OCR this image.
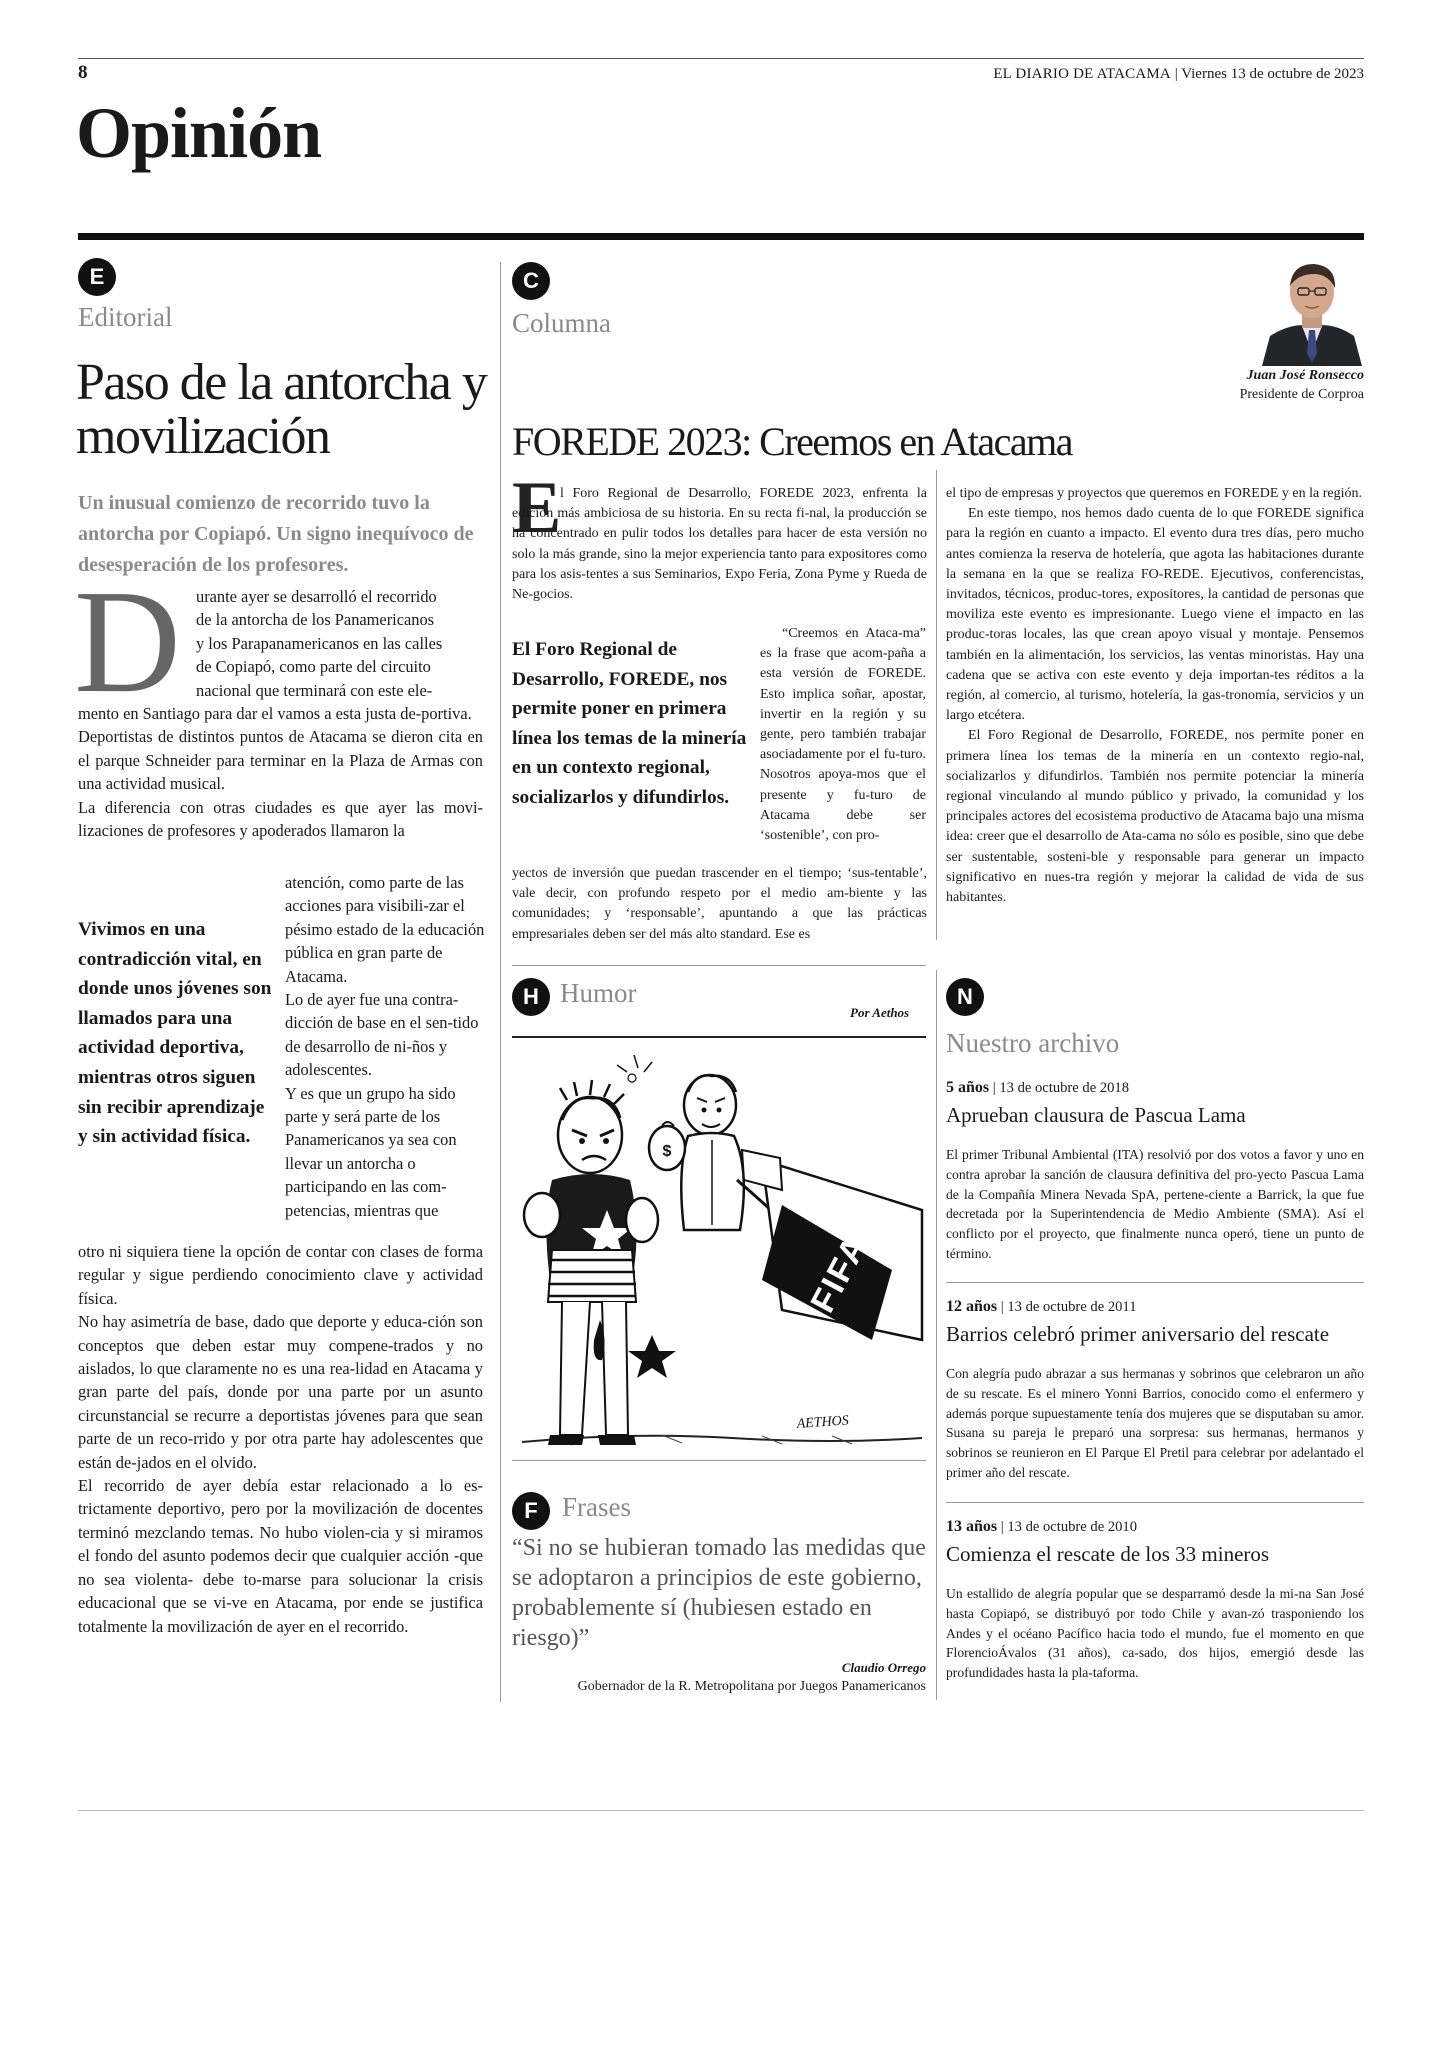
8	EL DIARIO DE ATACAMA | Viernes 13 de octubre de 2023
Opinión
E
Editorial
Paso de la antorcha y movilización
Un inusual comienzo de recorrido tuvo la antorcha por Copiapó. Un signo inequívoco de desesperación de los profesores.
D urante ayer se desarrolló el recorrido
de la antorcha de los Panamericanos
y los Parapanamericanos en las calles
de Copiapó, como parte del circuito
nacional que terminará con este ele-

mento en Santiago para dar el vamos a esta justa de-portiva.

Deportistas de distintos puntos de Atacama se dieron cita en el parque Schneider para terminar en la Plaza de Armas con una actividad musical.

La diferencia con otras ciudades es que ayer las movi-lizaciones de profesores y apoderados llamaron la

Vivimos en una contradicción vital, en donde unos jóvenes son llamados para una actividad deportiva, mientras otros siguen sin recibir aprendizaje y sin actividad física.

atención, como parte de las acciones para visibili-zar el pésimo estado de la educación pública en gran parte de Atacama.

Lo de ayer fue una contra-dicción de base en el sen-tido de desarrollo de ni-ños y adolescentes.

Y es que un grupo ha sido parte y será parte de los Panamericanos ya sea con llevar un antorcha o participando en las com-petencias, mientras que

otro ni siquiera tiene la opción de contar con clases de forma regular y sigue perdiendo conocimiento clave y actividad física.

No hay asimetría de base, dado que deporte y educa-ción son conceptos que deben estar muy compene-trados y no aislados, lo que claramente no es una rea-lidad en Atacama y gran parte del país, donde por una parte por un asunto circunstancial se recurre a deportistas jóvenes para que sean parte de un reco-rrido y por otra parte hay adolescentes que están de-jados en el olvido.

El recorrido de ayer debía estar relacionado a lo es-trictamente deportivo, pero por la movilización de docentes terminó mezclando temas. No hubo violen-cia y si miramos el fondo del asunto podemos decir que cualquier acción -que no sea violenta- debe to-marse para solucionar la crisis educacional que se vi-ve en Atacama, por ende se justifica totalmente la movilización de ayer en el recorrido.

C
Columna
Juan José Ronsecco
Presidente de Corproa
FOREDE 2023: Creemos en Atacama
E

l Foro Regional de Desarrollo, FOREDE 2023, enfrenta la edición más ambiciosa de su historia. En su recta fi-nal, la producción se ha concentrado en pulir todos los detalles para hacer de esta versión no solo la más grande, sino la mejor experiencia tanto para expositores como para los asis-tentes a sus Seminarios, Expo Feria, Zona Pyme y Rueda de Ne-gocios.

El Foro Regional de Desarrollo, FOREDE, nos permite poner en primera línea los temas de la minería en un contexto regional, socializarlos y difundirlos.

“Creemos en Ataca-ma” es la frase que acom-paña a esta versión de FOREDE. Esto implica soñar, apostar, invertir en la región y su gente, pero también trabajar asociadamente por el fu-turo. Nosotros apoya-mos que el presente y fu-turo de Atacama debe ser ‘sostenible’, con pro-

yectos de inversión que puedan trascender en el tiempo; ‘sus-tentable’, vale decir, con profundo respeto por el medio am-biente y las comunidades; y ‘responsable’, apuntando a que las prácticas empresariales deben ser del más alto standard. Ese es

el tipo de empresas y proyectos que queremos en FOREDE y en la región.

En este tiempo, nos hemos dado cuenta de lo que FOREDE significa para la región en cuanto a impacto. El evento dura tres días, pero mucho antes comienza la reserva de hotelería, que agota las habitaciones durante la semana en la que se realiza FO-REDE. Ejecutivos, conferencistas, invitados, técnicos, produc-tores, expositores, la cantidad de personas que moviliza este evento es impresionante. Luego viene el impacto en las produc-toras locales, las que crean apoyo visual y montaje. Pensemos también en la alimentación, los servicios, las ventas minoristas. Hay una cadena que se activa con este evento y deja importan-tes réditos a la región, al comercio, al turismo, hotelería, la gas-tronomía, servicios y un largo etcétera.

El Foro Regional de Desarrollo, FOREDE, nos permite poner en primera línea los temas de la minería en un contexto regio-nal, socializarlos y difundirlos. También nos permite potenciar la minería regional vinculando al mundo público y privado, la comunidad y los principales actores del ecosistema productivo de Atacama bajo una misma idea: creer que el desarrollo de Ata-cama no sólo es posible, sino que debe ser sustentable, sosteni-ble y responsable para generar un impacto significativo en nues-tra región y mejorar la calidad de vida de sus habitantes.

H Humor
Por Aethos
$
FIFA
AETHOS
F Frases
“Si no se hubieran tomado las medidas que se adoptaron a principios de este gobierno, probablemente sí (hubiesen estado en riesgo)”
Claudio Orrego
Gobernador de la R. Metropolitana por Juegos Panamericanos
N
Nuestro archivo
5 años | 13 de octubre de 2018
Aprueban clausura de Pascua Lama
El primer Tribunal Ambiental (ITA) resolvió por dos votos a favor y uno en contra aprobar la sanción de clausura definitiva del pro-yecto Pascua Lama de la Compañía Minera Nevada SpA, pertene-ciente a Barrick, la que fue decretada por la Superintendencia de Medio Ambiente (SMA). Así el conflicto por el proyecto, que finalmente nunca operó, tiene un punto de término.
12 años | 13 de octubre de 2011
Barrios celebró primer aniversario del rescate
Con alegría pudo abrazar a sus hermanas y sobrinos que celebraron un año de su rescate. Es el minero Yonni Barrios, conocido como el enfermero y además porque supuestamente tenía dos mujeres que se disputaban su amor. Susana su pareja le preparó una sorpresa: sus hermanas, hermanos y sobrinos se reunieron en El Parque El Pretil para celebrar por adelantado el primer año del rescate.
13 años | 13 de octubre de 2010
Comienza el rescate de los 33 mineros
Un estallido de alegría popular que se desparramó desde la mi-na San José hasta Copiapó, se distribuyó por todo Chile y avan-zó trasponiendo los Andes y el océano Pacífico hacia todo el mundo, fue el momento en que FlorencioÁvalos (31 años), ca-sado, dos hijos, emergió desde las profundidades hasta la pla-taforma.
